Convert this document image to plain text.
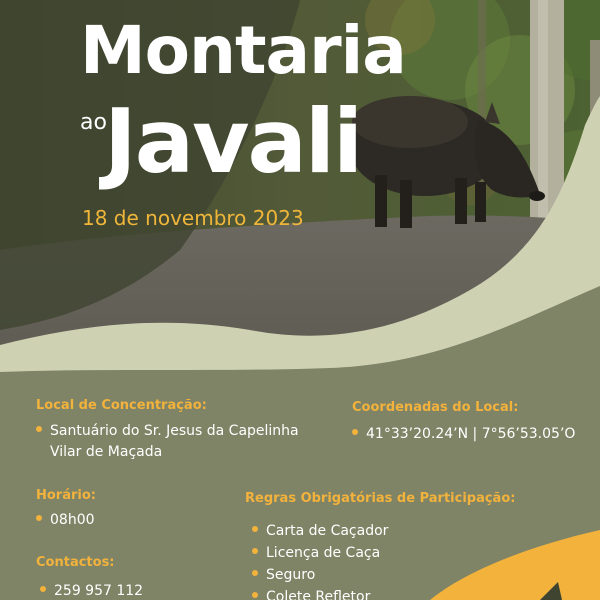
Montaria
ao
Javali
18 de novembro 2023
Local de Concentração:
Santuário do Sr. Jesus da Capelinha
Vilar de Maçada
Coordenadas do Local:
41°33’20.24’N | 7°56’53.05’O
Horário:
08h00
Regras Obrigatórias de Participação:
Carta de Caçador
Licença de Caça
Seguro
Colete Refletor
Contactos:
259 957 112
